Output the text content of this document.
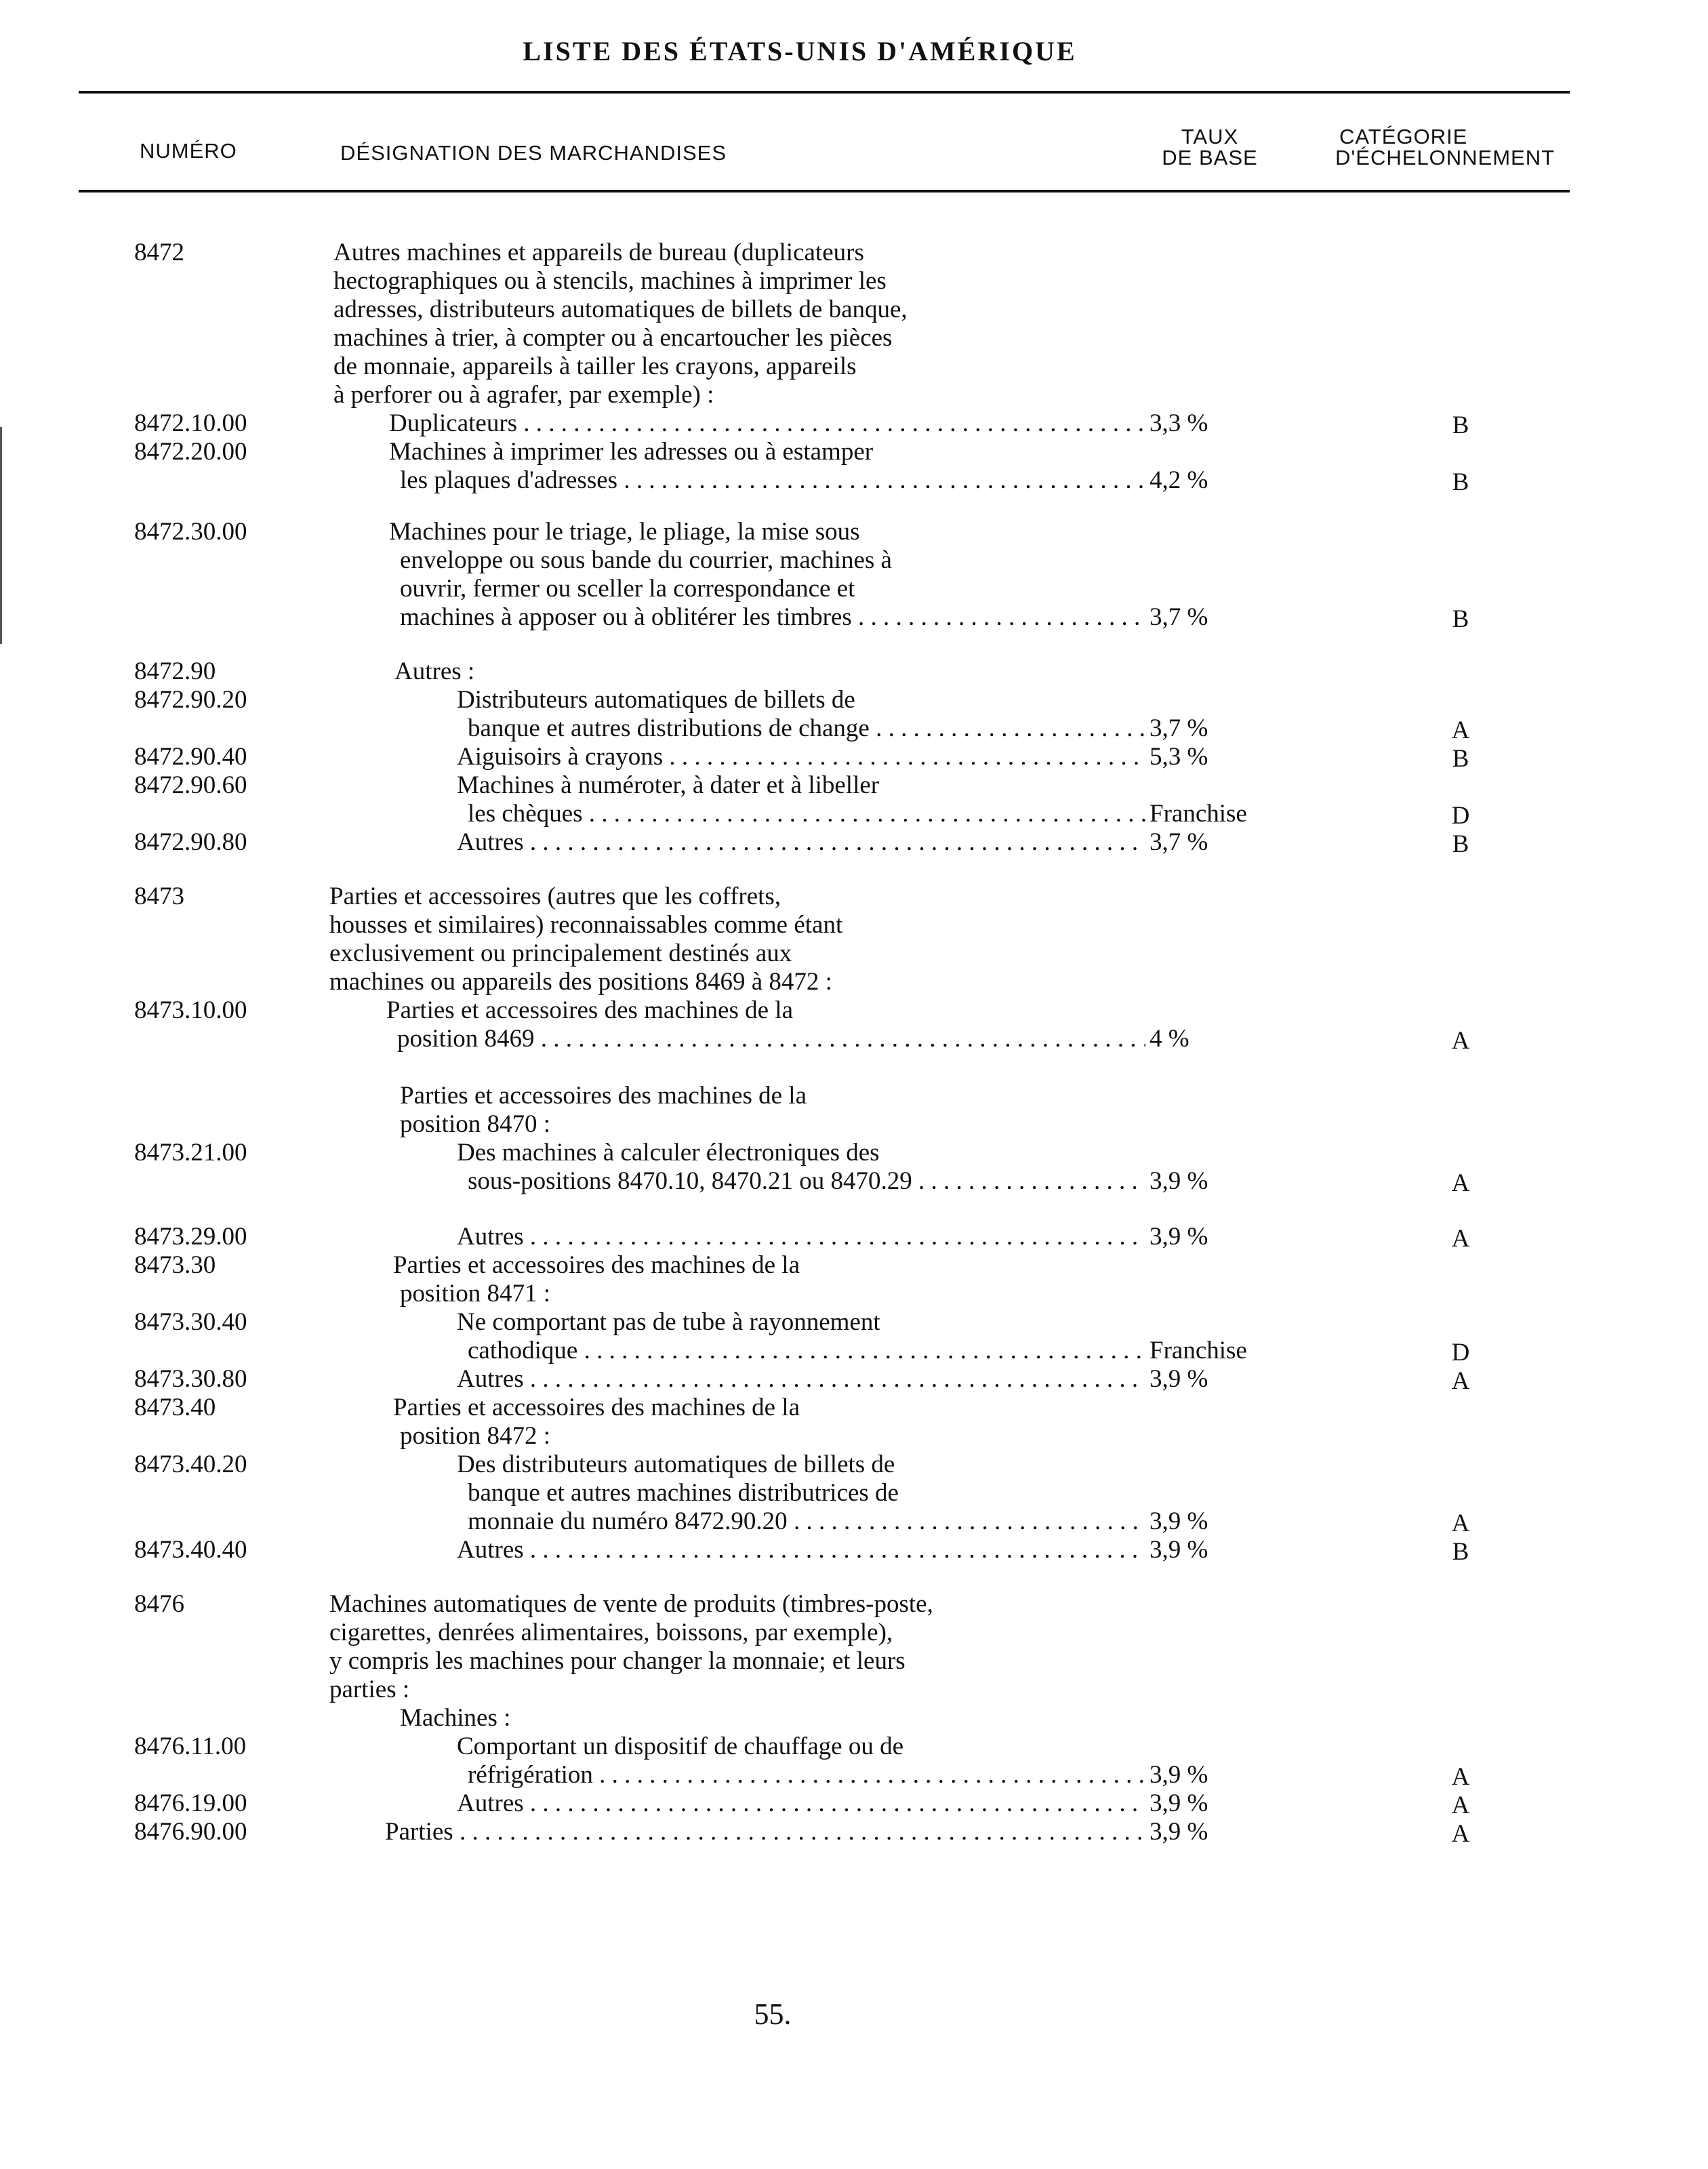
LISTE DES ÉTATS-UNIS D'AMÉRIQUE
NUMÉRO	DÉSIGNATION DES MARCHANDISES
TAUX
DE BASE
CATÉGORIE
D'ÉCHELONNEMENT
8472	Autres machines et appareils de bureau (duplicateurs
hectographiques ou à stencils, machines à imprimer les
adresses, distributeurs automatiques de billets de banque,
machines à trier, à compter ou à encartoucher les pièces
de monnaie, appareils à tailler les crayons, appareils
à perforer ou à agrafer, par exemple) :
8472.10.00	Duplicateurs . . .	3,3 %	B
8472.20.00	Machines à imprimer les adresses ou à estamper
les plaques d'adresses . . .	4,2 %	B
8472.30.00	Machines pour le triage, le pliage, la mise sous
enveloppe ou sous bande du courrier, machines à
ouvrir, fermer ou sceller la correspondance et
machines à apposer ou à oblitérer les timbres . . .	3,7 %	B
8472.90	Autres :
8472.90.20	Distributeurs automatiques de billets de
banque et autres distributions de change . . .	3,7 %	A
8472.90.40	Aiguisoirs à crayons . . .	5,3 %	B
8472.90.60	Machines à numéroter, à dater et à libeller
les chèques . . .	Franchise	D
8472.90.80	Autres . . .	3,7 %	B
8473	Parties et accessoires (autres que les coffrets,
housses et similaires) reconnaissables comme étant
exclusivement ou principalement destinés aux
machines ou appareils des positions 8469 à 8472 :
8473.10.00	Parties et accessoires des machines de la
position 8469 . . .	4 %	A
Parties et accessoires des machines de la
position 8470 :
8473.21.00	Des machines à calculer électroniques des
sous-positions 8470.10, 8470.21 ou 8470.29 . . .	3,9 %	A
8473.29.00	Autres . . .	3,9 %	A
8473.30	Parties et accessoires des machines de la
position 8471 :
8473.30.40	Ne comportant pas de tube à rayonnement
cathodique . . .	Franchise	D
8473.30.80	Autres . . .	3,9 %	A
8473.40	Parties et accessoires des machines de la
position 8472 :
8473.40.20	Des distributeurs automatiques de billets de
banque et autres machines distributrices de
monnaie du numéro 8472.90.20 . . .	3,9 %	A
8473.40.40	Autres . . .	3,9 %	B
8476	Machines automatiques de vente de produits (timbres-poste,
cigarettes, denrées alimentaires, boissons, par exemple),
y compris les machines pour changer la monnaie; et leurs
parties :
Machines :
8476.11.00	Comportant un dispositif de chauffage ou de
réfrigération . . .	3,9 %	A
8476.19.00	Autres . . .	3,9 %	A
8476.90.00	Parties . . .	3,9 %	A
55.
